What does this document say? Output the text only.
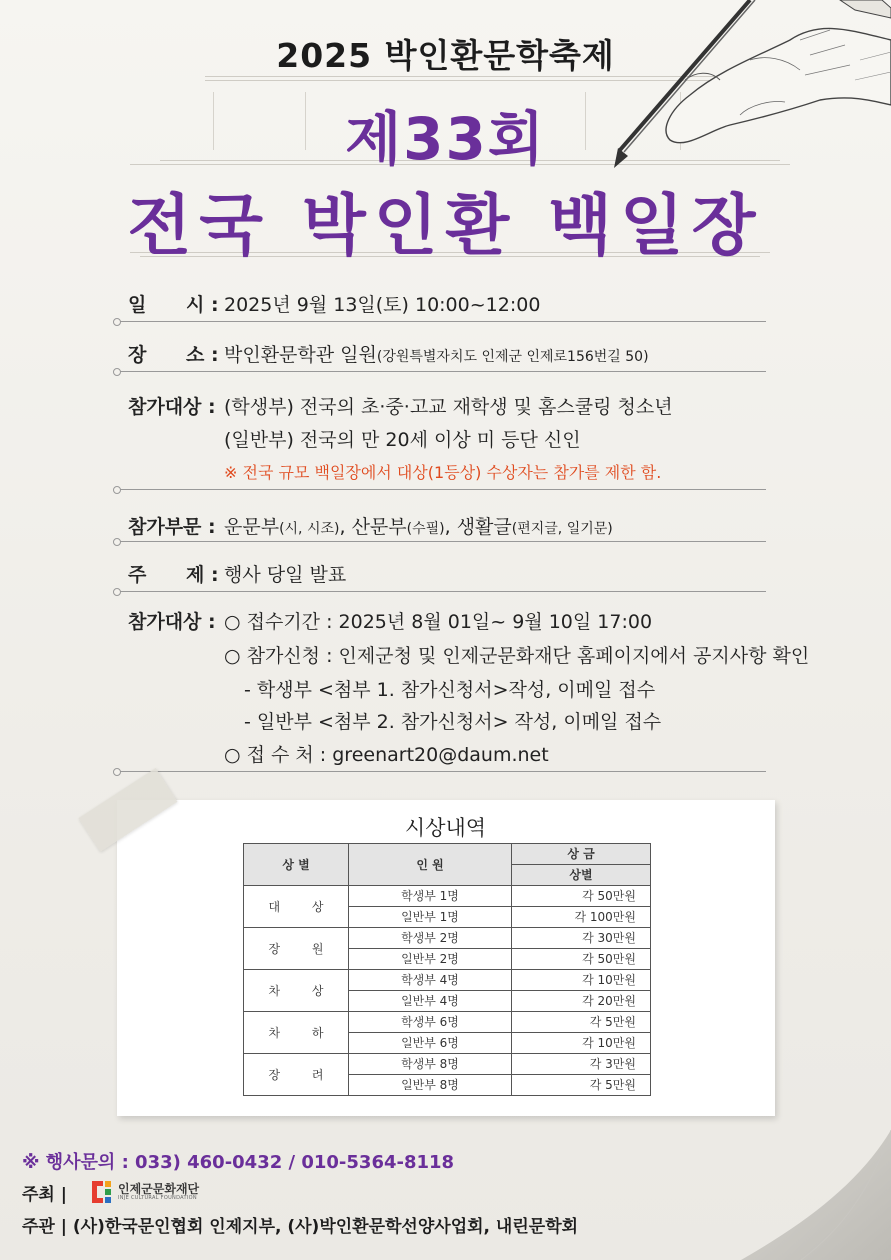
2025 박인환문학축제
제33회
전국 박인환 백일장
일      시 : 2025년 9월 13일(토) 10:00~12:00
장      소 : 박인환문학관 일원(강원특별자치도 인제군 인제로156번길 50)
참가대상 : (학생부) 전국의 초·중·고교 재학생 및 홈스쿨링 청소년
(일반부) 전국의 만 20세 이상 미 등단 신인
※ 전국 규모 백일장에서 대상(1등상) 수상자는 참가를 제한 함.
참가부문 : 운문부(시, 시조), 산문부(수필), 생활글(편지글, 일기문)
주      제 : 행사 당일 발표
참가대상 : ○ 접수기간 : 2025년 8월 01일~ 9월 10일 17:00
○ 참가신청 : 인제군청 및 인제군문화재단 홈페이지에서 공지사항 확인
- 학생부 <첨부 1. 참가신청서>작성, 이메일 접수
- 일반부 <첨부 2. 참가신청서> 작성, 이메일 접수
○ 접 수 처 : greenart20@daum.net
시상내역
상 별	인 원	상 금
		상별
대 상	학생부 1명	각 50만원
	일반부 1명	각 100만원
장 원	학생부 2명	각 30만원
	일반부 2명	각 50만원
차 상	학생부 4명	각 10만원
	일반부 4명	각 20만원
차 하	학생부 6명	각 5만원
	일반부 6명	각 10만원
장 려	학생부 8명	각 3만원
	일반부 8명	각 5만원
※ 행사문의 : 033) 460-0432 / 010-5364-8118
주최 |	인제군문화재단
INJE CULTURAL FOUNDATION
주관 | (사)한국문인협회 인제지부, (사)박인환문학선양사업회, 내린문학회
